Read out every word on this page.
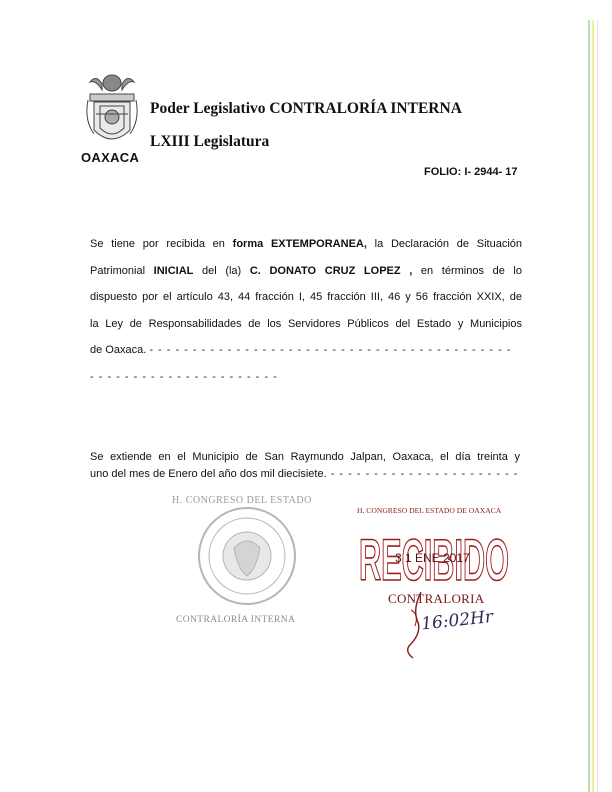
OAXACA
Poder Legislativo CONTRALORÍA INTERNA
LXIII Legislatura
FOLIO: I- 2944- 17
Se tiene por recibida en forma EXTEMPORANEA, la Declaración de Situación
Patrimonial INICIAL del (la) C. DONATO CRUZ LOPEZ , en términos de lo
dispuesto por el artículo 43, 44 fracción I, 45 fracción III, 46 y 56 fracción XXIX, de
la Ley de Responsabilidades de los Servidores Públicos del Estado y Municipios
de Oaxaca. - - - - - - - - - - - - - - - - - - - - - - - - - - - - - - - - - - - - - - - - - -
- - - - - - - - - - - - - - - - - - - - - -
Se extiende en el Municipio de San Raymundo Jalpan, Oaxaca, el día treinta y
uno del mes de Enero del año dos mil diecisiete. - - - - - - - - - - - - - - - - - - - - - -
H. CONGRESO DEL ESTADO
CONTRALORÍA INTERNA
H. CONGRESO DEL ESTADO DE OAXACA
RECIBIDO
3 1 ENE 2017
CONTRALORIA
16:02Hr
